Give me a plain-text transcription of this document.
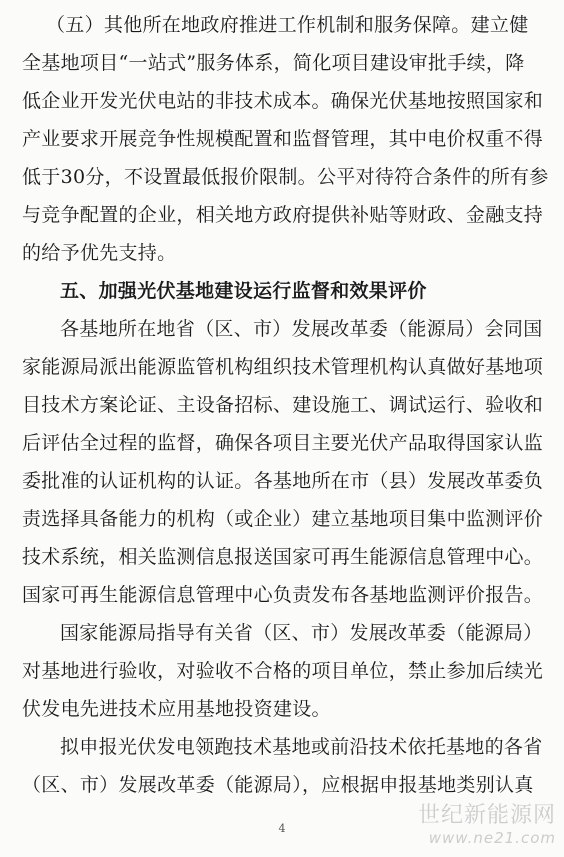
（五）其他所在地政府推进工作机制和服务保障。建立健
全基地项目“一站式”服务体系，简化项目建设审批手续，降
低企业开发光伏电站的非技术成本。确保光伏基地按照国家和
产业要求开展竞争性规模配置和监督管理，其中电价权重不得
低于30分，不设置最低报价限制。公平对待符合条件的所有参
与竞争配置的企业，相关地方政府提供补贴等财政、金融支持
的给予优先支持。
五、加强光伏基地建设运行监督和效果评价
各基地所在地省（区、市）发展改革委（能源局）会同国
家能源局派出能源监管机构组织技术管理机构认真做好基地项
目技术方案论证、主设备招标、建设施工、调试运行、验收和
后评估全过程的监督，确保各项目主要光伏产品取得国家认监
委批准的认证机构的认证。各基地所在市（县）发展改革委负
责选择具备能力的机构（或企业）建立基地项目集中监测评价
技术系统，相关监测信息报送国家可再生能源信息管理中心。
国家可再生能源信息管理中心负责发布各基地监测评价报告。
国家能源局指导有关省（区、市）发展改革委（能源局）
对基地进行验收，对验收不合格的项目单位，禁止参加后续光
伏发电先进技术应用基地投资建设。
拟申报光伏发电领跑技术基地或前沿技术依托基地的各省
（区、市）发展改革委（能源局），应根据申报基地类别认真
4
世纪新能源网
www.ne21.com
